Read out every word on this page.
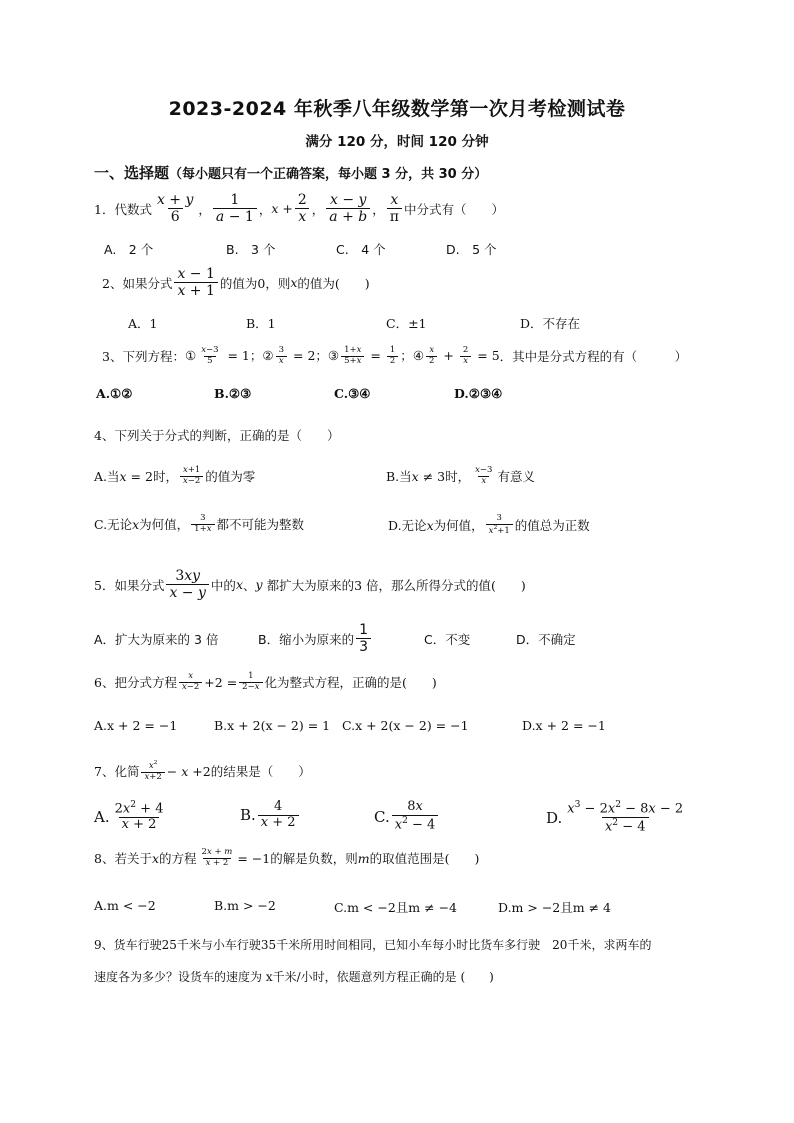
2023-2024 年秋季八年级数学第一次月考检测试卷
满分 120 分，时间 120 分钟
一、选择题（每小题只有一个正确答案，每小题 3 分，共 30 分）
1．代数式 $\frac{x + y}{6}$ ， $\frac{1}{a - 1}$ ， $x + \frac{2}{x}$ ， $\frac{x - y}{a + b}$ ， $\frac{x}{\pi}$ 中分式有（　　）
A.　2 个	B.　3 个	C.　4 个	D.　5 个
2、如果分式 $\frac{x - 1}{x + 1}$ 的值为0，则 x 的值为(　　)
A．1	B．1	C．±1	D．不存在
3、下列方程： ① $\frac{x-3}{5} = 1$； ② $\frac{3}{x} = 2$； ③ $\frac{1+x}{5+x} = \frac{1}{2}$ ； ④ $\frac{x}{2} + \frac{2}{x} = 5$ ．其中是分式方程的有（　　　）
A.①②	B.②③	C.③④	D.②③④
4、下列关于分式的判断，正确的是（　　）
A.当 x = 2 时， $\frac{x+1}{x-2}$ 的值为零	B.当 x ≠ 3 时， $\frac{x-3}{x}$ 有意义
C.无论 x 为何值， $\frac{3}{1+x}$ 都不可能为整数	D.无论 x 为何值， $\frac{3}{x^2+1}$ 的值总为正数
5．如果分式 $\frac{3xy}{x - y}$ 中的 x 、 y
都扩大为原来的3 倍，那么所得分式的值(　　)
A．扩大为原来的 3 倍	B．缩小为原来的 $\frac{1}{3}$	C．不变	D．不确定
6、把分式方程 $\frac{x}{x-2} +2 = \frac{1}{2-x}$ 化为整式方程，正确的是(　　)
A.x + 2 = −1	B.x + 2(x − 2) = 1 C.x + 2(x − 2) = −1	D.x + 2 = −1
7、化简 $\frac{x^2}{x+2} - x +2$ 的结果是（　　）
A. $\frac{2x^2 + 4}{x + 2}$	B. $\frac{4}{x + 2}$	C. $\frac{8x}{x^2 - 4}$	D. $\frac{x^3 - 2x^2 - 8x - 2}{x^2 - 4}$
8、若关于 x 的方程 $\frac{2x + m}{x + 2} = -1$ 的解是负数，则 m 的取值范围是(　　)
A.m < −2	B.m > −2	C.m < −2且m ≠ −4	D.m > −2且m ≠ 4
9、货车行驶25千米与小车行驶35千米所用时间相同，已知小车每小时比货车多行驶　20千米，求两车的
速度各为多少？设货车的速度为 x千米/小时，依题意列方程正确的是 (　　)
